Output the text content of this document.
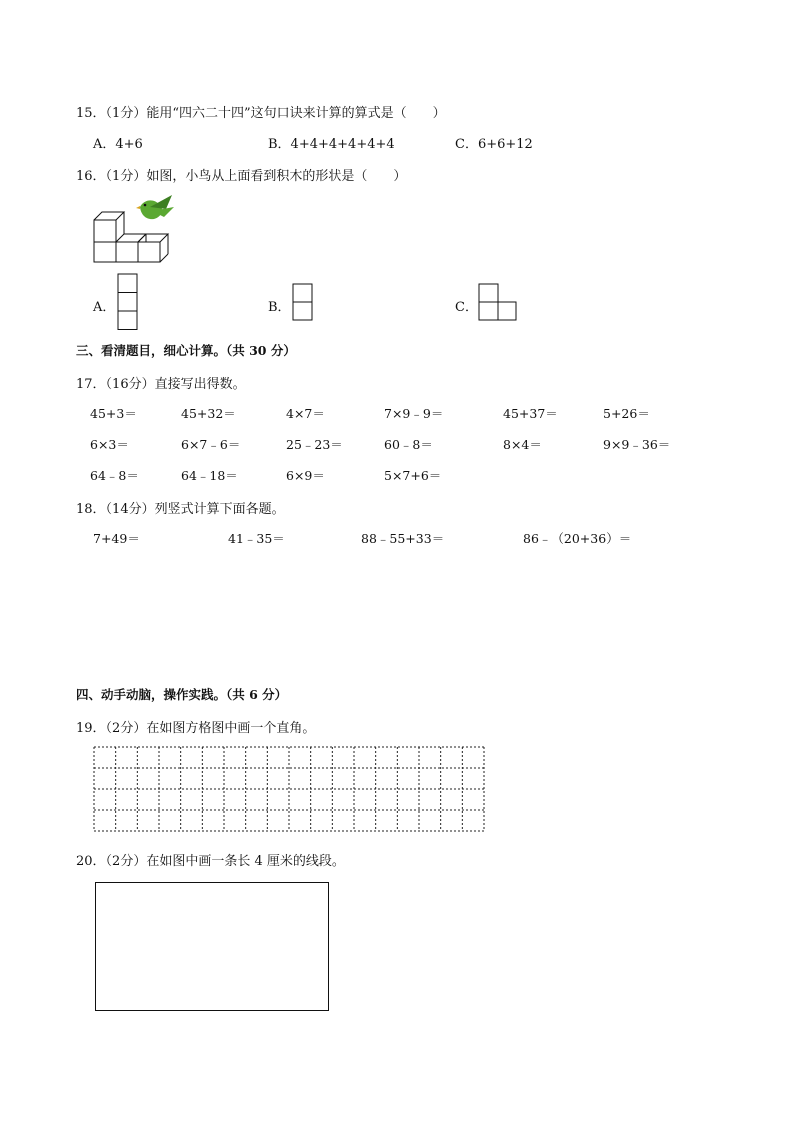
15．（1分）能用“四六二十四”这句口诀来计算的算式是（　　）
A．4+6	B．4+4+4+4+4+4	C．6+6+12
16．（1分）如图，小鸟从上面看到积木的形状是（　　）
A．	B．	C．
三、看清题目，细心计算。（共 30 分）
17．（16分）直接写出得数。
45+3＝	45+32＝	4×7＝	7×9﹣9＝	45+37＝	5+26＝
6×3＝	6×7﹣6＝	25﹣23＝	60﹣8＝	8×4＝	9×9﹣36＝
64﹣8＝	64﹣18＝	6×9＝	5×7+6＝
18．（14分）列竖式计算下面各题。
7+49＝	41﹣35＝	88﹣55+33＝	86﹣（20+36）＝
四、动手动脑，操作实践。（共 6 分）
19．（2分）在如图方格图中画一个直角。
20．（2分）在如图中画一条长 4 厘米的线段。
